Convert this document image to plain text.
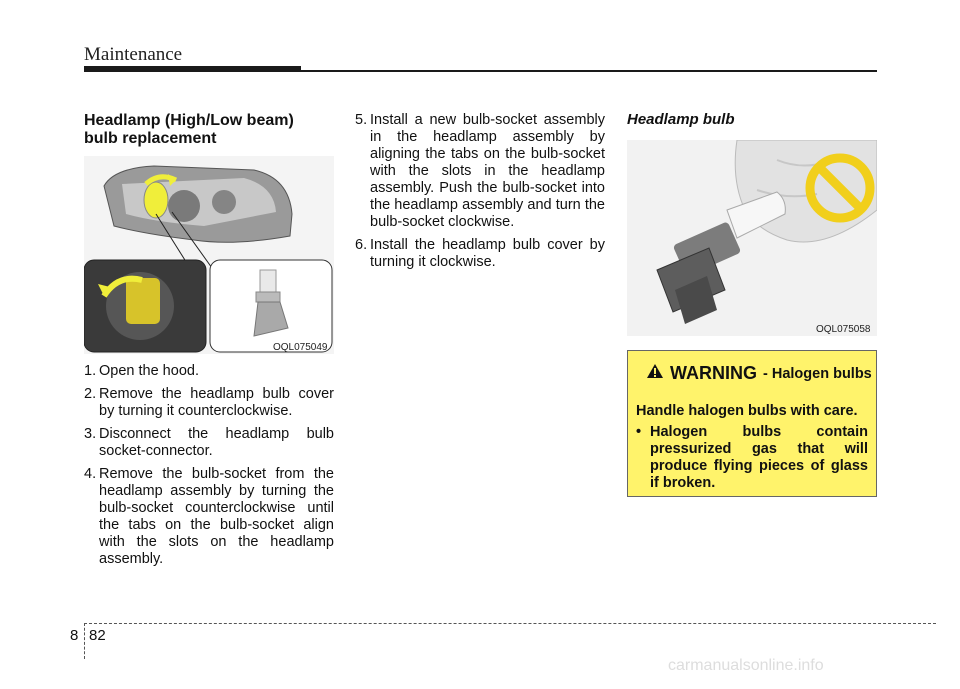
Maintenance
Headlamp (High/Low beam)
bulb replacement
OQL075049
1. Open the hood.
2. Remove the headlamp bulb cover by turning it counterclockwise.
3. Disconnect the headlamp bulb socket-connector.
4. Remove the bulb-socket from the headlamp assembly by turning the bulb-socket counterclockwise until the tabs on the bulb-socket align with the slots on the headlamp assembly.
5. Install a new bulb-socket assembly in the headlamp assembly by aligning the tabs on the bulb-socket with the slots in the headlamp assembly. Push the bulb-socket into the headlamp assembly and turn the bulb-socket clockwise.
6. Install the headlamp bulb cover by turning it clockwise.
Headlamp bulb
OQL075058
WARNING - Halogen bulbs
Handle halogen bulbs with care.
• Halogen bulbs contain pressurized gas that will produce flying pieces of glass if broken.
8 82
carmanualsonline.info
